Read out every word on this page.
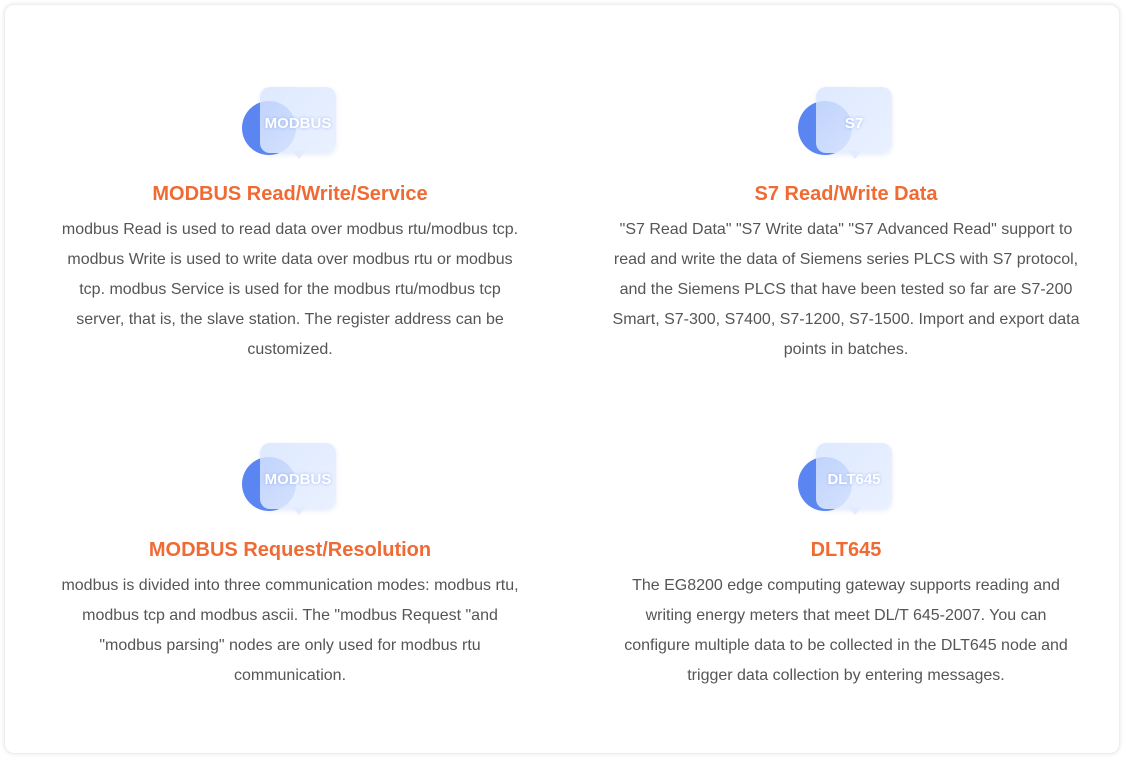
MODBUS
MODBUS Read/Write/Service
modbus Read is used to read data over modbus rtu/modbus tcp. modbus Write is used to write data over modbus rtu or modbus tcp. modbus Service is used for the modbus rtu/modbus tcp server, that is, the slave station. The register address can be customized.
S7
S7 Read/Write Data
"S7 Read Data" "S7 Write data" "S7 Advanced Read" support to read and write the data of Siemens series PLCS with S7 protocol, and the Siemens PLCS that have been tested so far are S7-200 Smart, S7-300, S7400, S7-1200, S7-1500. Import and export data points in batches.
MODBUS
MODBUS Request/Resolution
modbus is divided into three communication modes: modbus rtu, modbus tcp and modbus ascii. The "modbus Request "and "modbus parsing" nodes are only used for modbus rtu communication.
DLT645
DLT645
The EG8200 edge computing gateway supports reading and writing energy meters that meet DL/T 645-2007. You can configure multiple data to be collected in the DLT645 node and trigger data collection by entering messages.
